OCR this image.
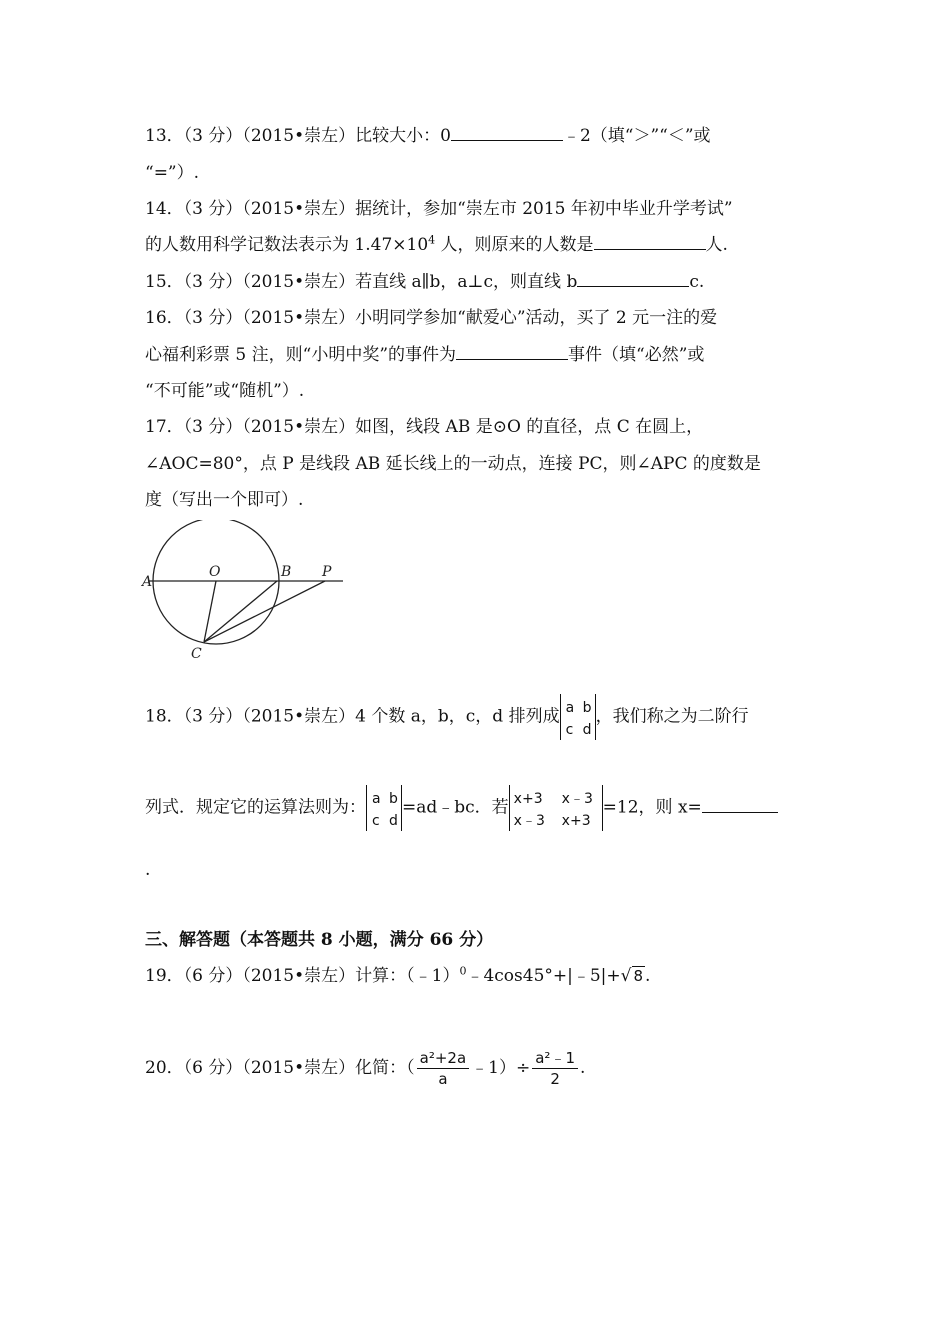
13．（3 分）（2015•崇左）比较大小：0	﹣2（填“＞”“＜”或
“=”）.
14．（3 分）（2015•崇左）据统计，参加“崇左市 2015 年初中毕业升学考试”
的人数用科学记数法表示为 $1.47\times 10^4$ 人，则原来的人数是	人.
15．（3 分）（2015•崇左）若直线 a∥b，a⊥c，则直线 b	c.
16．（3 分）（2015•崇左）小明同学参加“献爱心”活动，买了 2 元一注的爱
心福利彩票 5 注，则“小明中奖”的事件为	事件（填“必然”或
“不可能”或“随机”）.
17．（3 分）（2015•崇左）如图，线段 AB 是⊙O 的直径，点 C 在圆上，
∠AOC=80°，点 P 是线段 AB 延长线上的一动点，连接 PC，则∠APC 的度数是
度（写出一个即可）.
A
O	B P
C
18．（3 分）（2015•崇左）4 个数 a，b，c，d 排列成 a b
c d
，我们称之为二阶行
列式．规定它的运算法则为： a b
c d
=ad﹣bc．若 x+3 x﹣3
x﹣3 x+3
=12，则 x=
.
三、解答题（本答题共 8 小题，满分 66 分）
19．（6 分）（2015•崇左）计算：（﹣1）$^0$﹣4cos45°+|﹣5|+√ 8 .
20．（6 分）（2015•崇左）化简：（ $\frac{\text{a²+2a}}{a}$ ﹣1）÷ $\frac{\text{a²﹣1}}{2}$ .
